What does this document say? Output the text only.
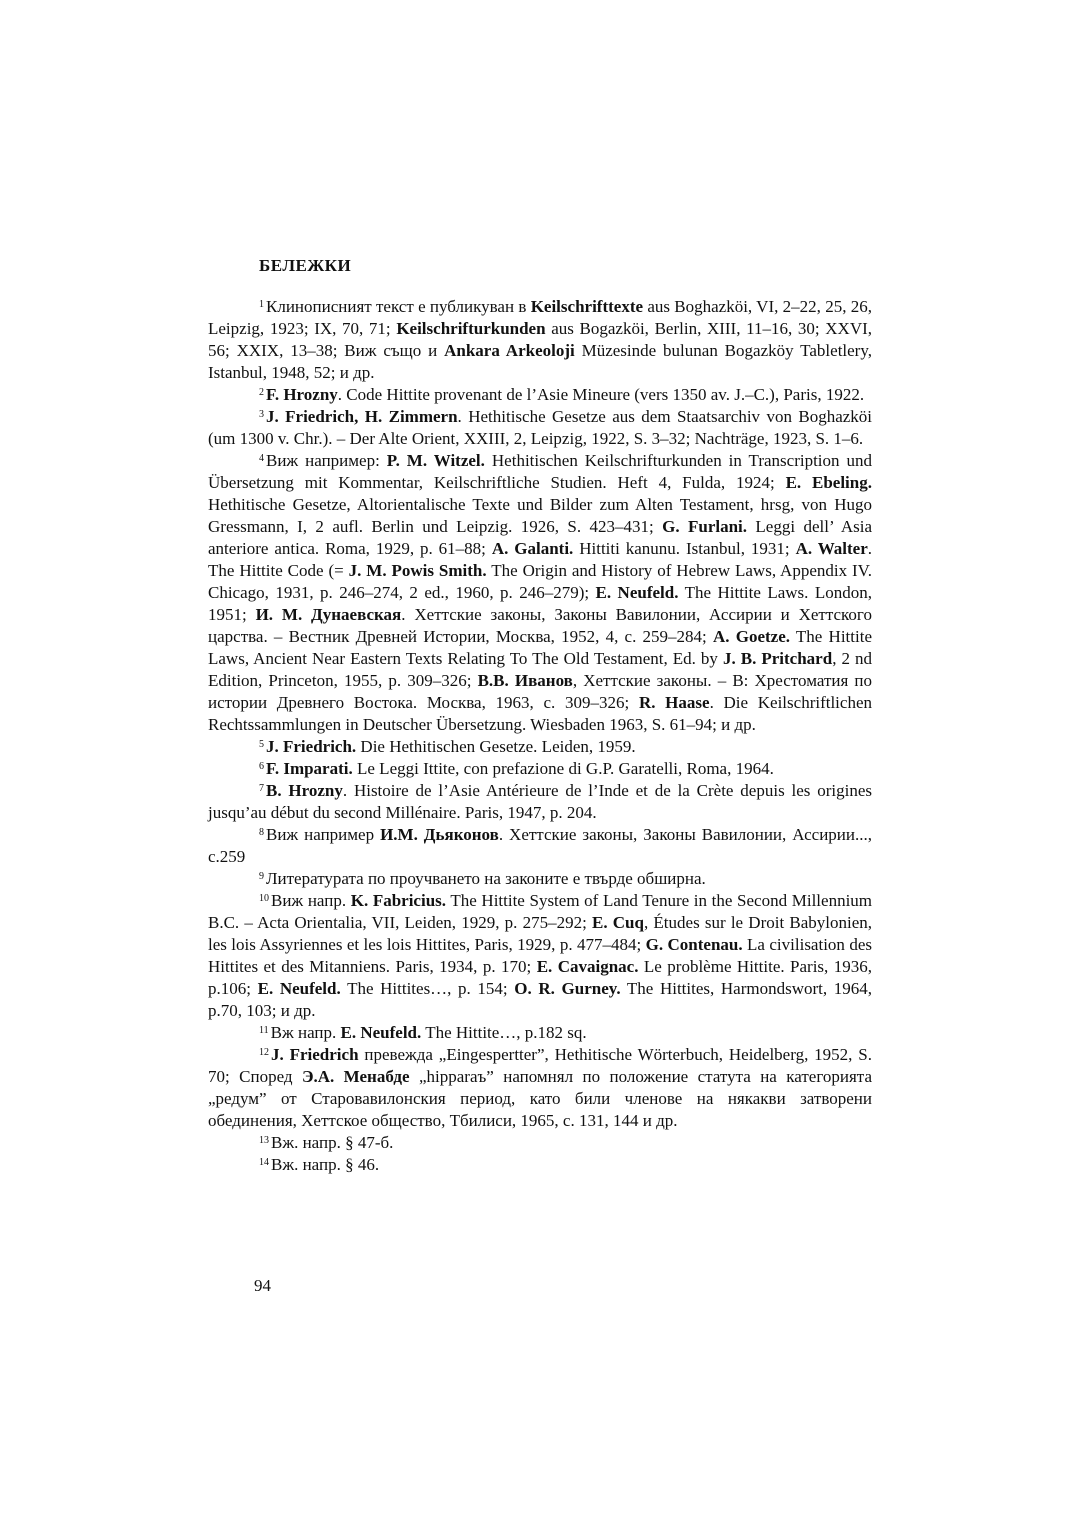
БЕЛЕЖКИ

$^1$ Клинописният текст е публикуван в Keilschrifttexte aus Boghazköi, VI, 2–22, 25, 26, Leipzig, 1923; IX, 70, 71; Keilschrifturkunden aus Bogazköi, Berlin, XIII, 11–16, 30; XXVI, 56; XXIX, 13–38; Виж също и Ankara Arkeoloji Müzesinde bulunan Bogazköy Tabletlery, Istanbul, 1948, 52; и др.

$^2$ F. Hrozny. Code Hittite provenant de l’Asie Mineure (vers 1350 av. J.–C.), Paris, 1922.

$^3$ J. Friedrich, H. Zimmern. Hethitische Gesetze aus dem Staatsarchiv von Boghazköi (um 1300 v. Chr.). – Der Alte Orient, XXIII, 2, Leipzig, 1922, S. 3–32; Nachträge, 1923, S. 1–6.

$^4$ Виж например: P. M. Witzel. Hethitischen Keilschrifturkunden in Transcription und Übersetzung mit Kommentar, Keilschriftliche Studien. Heft 4, Fulda, 1924; E. Ebeling. Hethitische Gesetze, Altorientalische Texte und Bilder zum Alten Testament, hrsg, von Hugo Gressmann, I, 2 aufl. Berlin und Leipzig. 1926, S. 423–431; G. Furlani. Leggi dell’ Asia anteriore antica. Roma, 1929, p. 61–88; A. Galanti. Hittiti kanunu. Istanbul, 1931; A. Walter. The Hittite Code (= J. M. Powis Smith. The Origin and History of Hebrew Laws, Appendix IV. Chicago, 1931, p. 246–274, 2 ed., 1960, p. 246–279); E. Neufeld. The Hittite Laws. London, 1951; И. М. Дунаевская. Хеттские законы, Законы Вавилонии, Ассирии и Хеттского царства. – Вестник Древней Истории, Москва, 1952, 4, с. 259–284; A. Goetze. The Hittite Laws, Ancient Near Eastern Texts Relating To The Old Testament, Ed. by J. B. Pritchard, 2 nd Edition, Princeton, 1955, p. 309–326; В.В. Иванов, Хеттские законы. – В: Хрестоматия по истории Древнего Востока. Москва, 1963, с. 309–326; R. Haase. Die Keilschriftlichen Rechtssammlungen in Deutscher Übersetzung. Wiesbaden 1963, S. 61–94; и др.

$^5$ J. Friedrich. Die Hethitischen Gesetze. Leiden, 1959.

$^6$ F. Imparati. Le Leggi Ittite, con prefazione di G.P. Garatelli, Roma, 1964.

$^7$ B. Hrozny. Histoire de l’Asie Antérieure de l’Inde et de la Crète depuis les origines jusqu’au début du second Millénaire. Paris, 1947, p. 204.

$^8$ Виж например И.М. Дьяконов. Хеттские законы, Законы Вавилонии, Ассирии..., с.259

$^9$ Литературата по проучването на законите е твърде обширна.

$^{10}$ Виж напр. K. Fabricius. The Hittite System of Land Tenure in the Second Millennium B.C. – Acta Orientalia, VII, Leiden, 1929, p. 275–292; E. Cuq, Études sur le Droit Babylonien, les lois Assyriennes et les lois Hittites, Paris, 1929, p. 477–484; G. Contenau. La civilisation des Hittites et des Mitanniens. Paris, 1934, p. 170; E. Cavaignac. Le problème Hittite. Paris, 1936, p.106; E. Neufeld. The Hittites…, p. 154; O. R. Gurney. The Hittites, Harmondswort, 1964, p.70, 103; и др.

$^{11}$ Вж напр. E. Neufeld. The Hittite…, p.182 sq.

$^{12}$ J. Friedrich превежда „Eingespertter”, Hethitische Wörterbuch, Heidelberg, 1952, S. 70; Според Э.А. Менабде „hipparaъ” напомнял по положение статута на категорията „редум” от Старовавилонския период, като били членове на някакви затворени обединения, Хеттское общество, Тбилиси, 1965, с. 131, 144 и др.

$^{13}$ Вж. напр. § 47-б.

$^{14}$ Вж. напр. § 46.

94
